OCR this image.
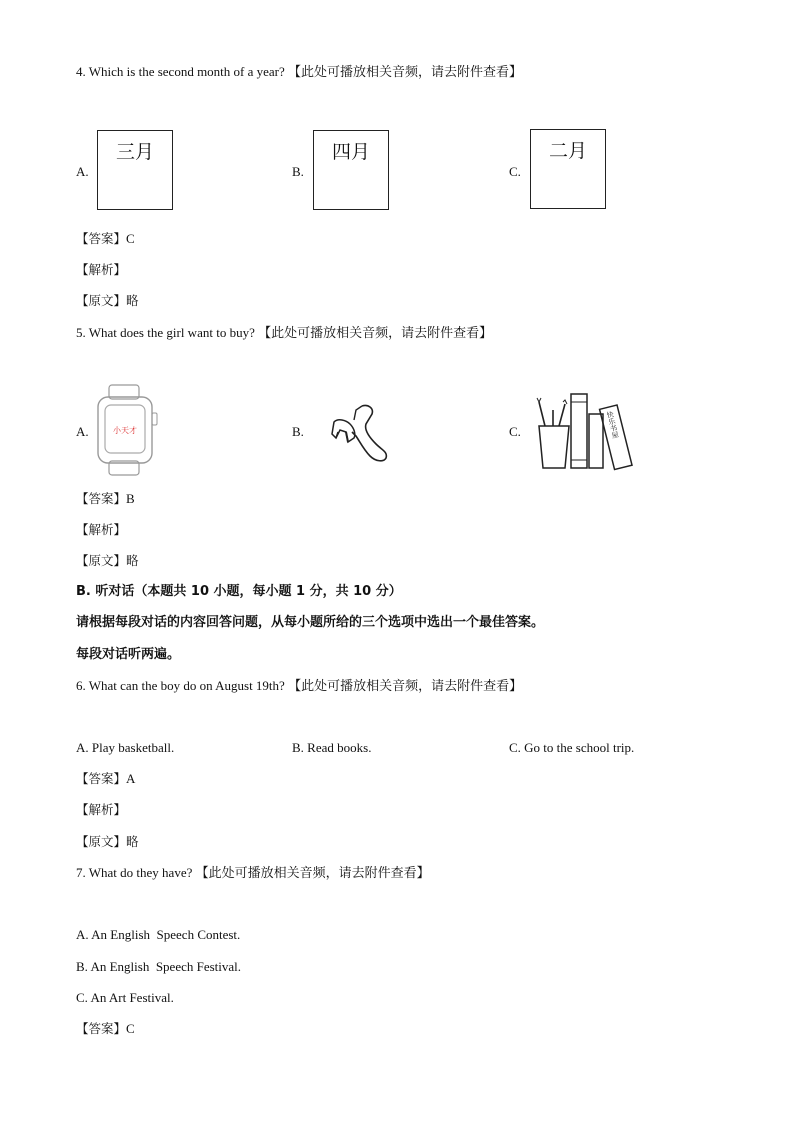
4. Which is the second month of a year? 【此处可播放相关音频，请去附件查看】
A.
三月
B.
四月
C.
二月
【答案】C
【解析】
【原文】略
5. What does the girl want to buy? 【此处可播放相关音频，请去附件查看】
A.	小天才	B.	C.	快乐书屋
【答案】B
【解析】
【原文】略
B. 听对话（本题共 10 小题，每小题 1 分，共 10 分）
请根据每段对话的内容回答问题，从每小题所给的三个选项中选出一个最佳答案。
每段对话听两遍。
6. What can the boy do on August 19th? 【此处可播放相关音频，请去附件查看】
A. Play basketball.	B. Read books.	C. Go to the school trip.
【答案】A
【解析】
【原文】略
7. What do they have? 【此处可播放相关音频，请去附件查看】
A. An English  Speech Contest.
B. An English  Speech Festival.
C. An Art Festival.
【答案】C
